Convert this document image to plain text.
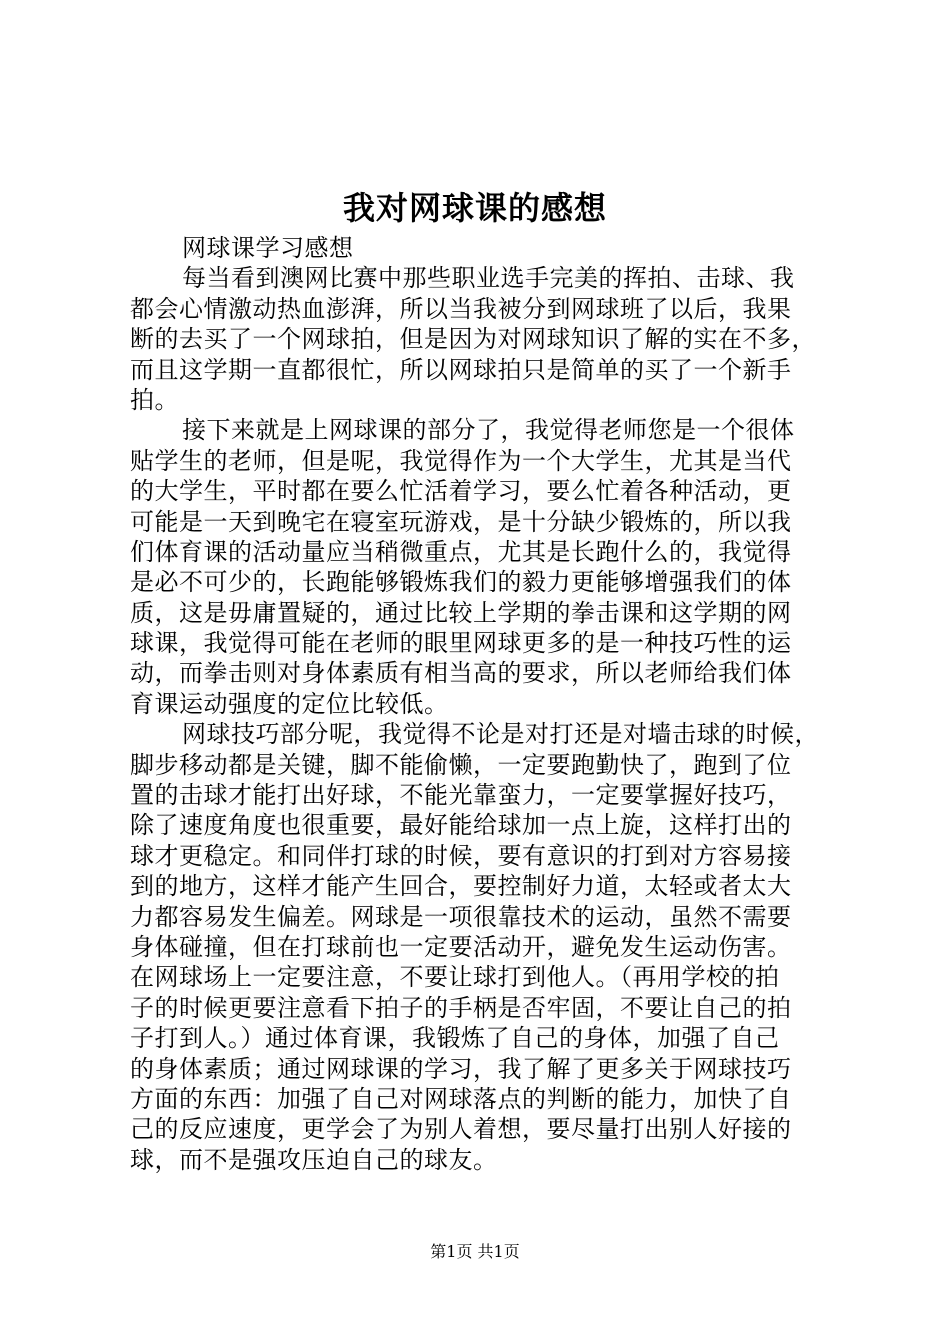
我对网球课的感想
网球课学习感想
每当看到澳网比赛中那些职业选手完美的挥拍、击球、我
都会心情激动热血澎湃，所以当我被分到网球班了以后，我果
断的去买了一个网球拍，但是因为对网球知识了解的实在不多，
而且这学期一直都很忙，所以网球拍只是简单的买了一个新手
拍。
接下来就是上网球课的部分了，我觉得老师您是一个很体
贴学生的老师，但是呢，我觉得作为一个大学生，尤其是当代
的大学生，平时都在要么忙活着学习，要么忙着各种活动，更
可能是一天到晚宅在寝室玩游戏，是十分缺少锻炼的，所以我
们体育课的活动量应当稍微重点，尤其是长跑什么的，我觉得
是必不可少的，长跑能够锻炼我们的毅力更能够增强我们的体
质，这是毋庸置疑的，通过比较上学期的拳击课和这学期的网
球课，我觉得可能在老师的眼里网球更多的是一种技巧性的运
动，而拳击则对身体素质有相当高的要求，所以老师给我们体
育课运动强度的定位比较低。
网球技巧部分呢，我觉得不论是对打还是对墙击球的时候，
脚步移动都是关键，脚不能偷懒，一定要跑勤快了，跑到了位
置的击球才能打出好球，不能光靠蛮力，一定要掌握好技巧，
除了速度角度也很重要，最好能给球加一点上旋，这样打出的
球才更稳定。和同伴打球的时候，要有意识的打到对方容易接
到的地方，这样才能产生回合，要控制好力道，太轻或者太大
力都容易发生偏差。网球是一项很靠技术的运动，虽然不需要
身体碰撞，但在打球前也一定要活动开，避免发生运动伤害。
在网球场上一定要注意，不要让球打到他人。（再用学校的拍
子的时候更要注意看下拍子的手柄是否牢固，不要让自己的拍
子打到人。）通过体育课，我锻炼了自己的身体，加强了自己
的身体素质；通过网球课的学习，我了解了更多关于网球技巧
方面的东西：加强了自己对网球落点的判断的能力，加快了自
己的反应速度，更学会了为别人着想，要尽量打出别人好接的
球，而不是强攻压迫自己的球友。
第1页 共1页
